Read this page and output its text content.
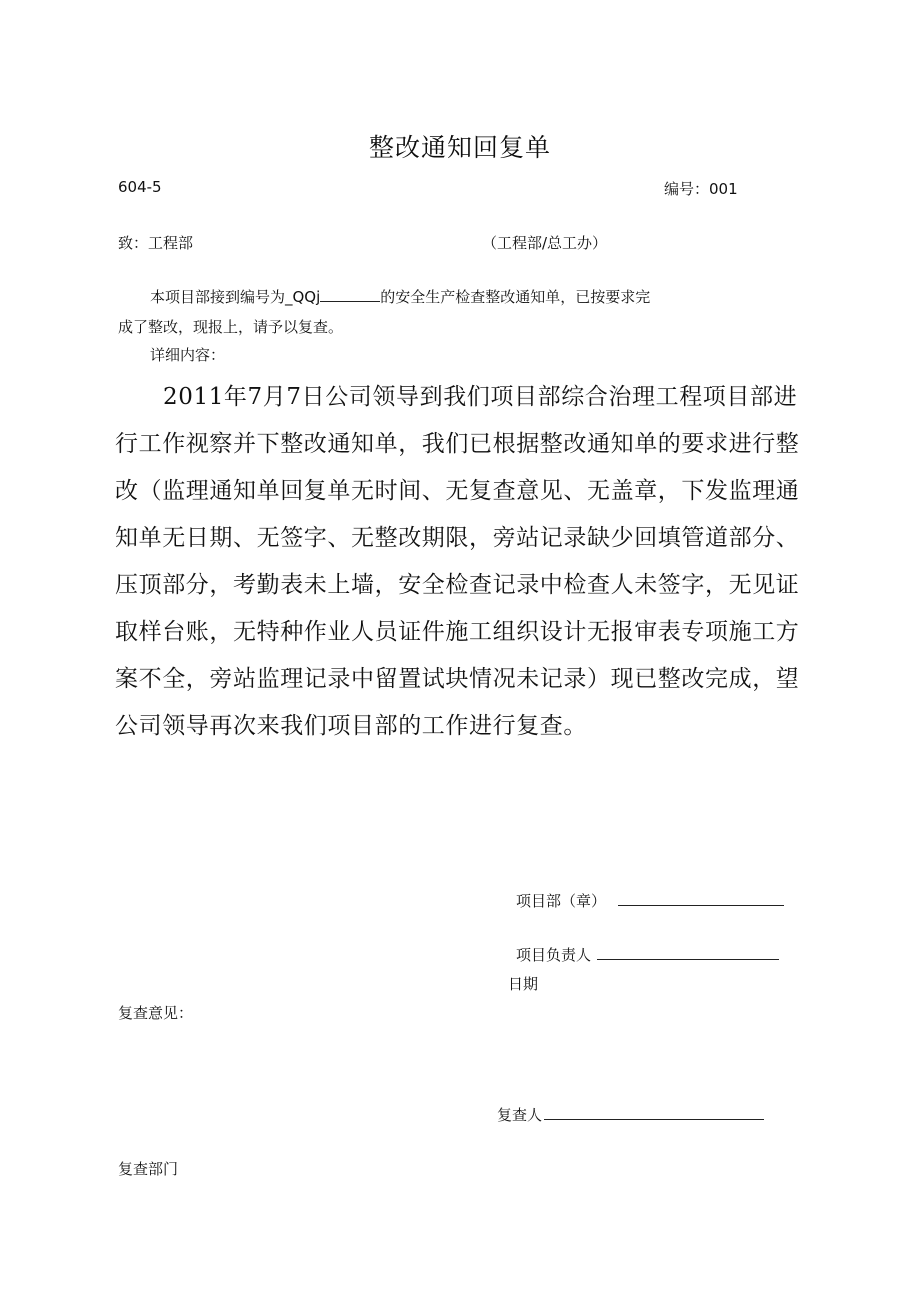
整改通知回复单
604-5	编号：001
致：工程部	（工程部/总工办）
本项目部接到编号为_QQj	的安全生产检查整改通知单，已按要求完
成了整改，现报上，请予以复查。
详细内容：
2011年7月7日公司领导到我们项目部综合治理工程项目部进行工作视察并下整改通知单，我们已根据整改通知单的要求进行整改（监理通知单回复单无时间、无复查意见、无盖章，下发监理通知单无日期、无签字、无整改期限，旁站记录缺少回填管道部分、压顶部分，考勤表未上墙，安全检查记录中检查人未签字，无见证取样台账，无特种作业人员证件施工组织设计无报审表专项施工方案不全，旁站监理记录中留置试块情况未记录）现已整改完成，望公司领导再次来我们项目部的工作进行复查。
项目部（章）
项目负责人
日期
复查意见：
复查人
复查部门
